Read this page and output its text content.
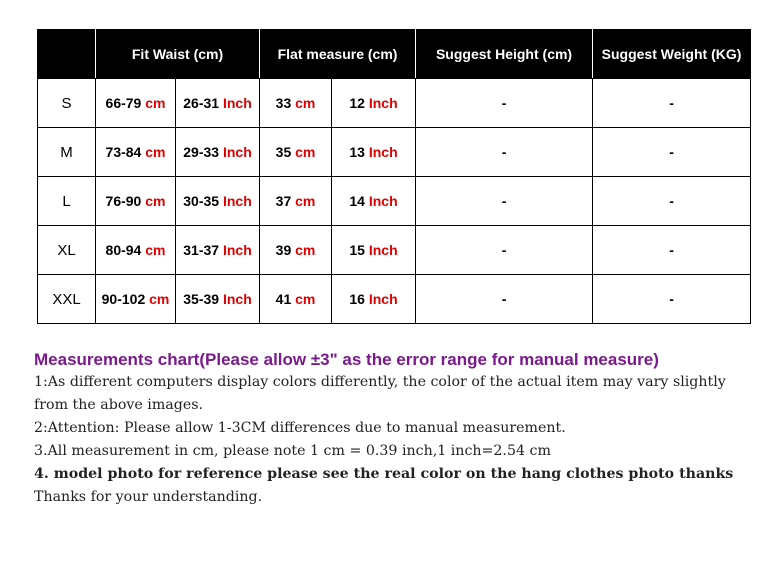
	Fit Waist (cm)		Flat measure (cm)		Suggest Height (cm)	Suggest Weight (KG)
S	66-79 cm	26-31 Inch	33 cm	12 Inch	-	-
M	73-84 cm	29-33 Inch	35 cm	13 Inch	-	-
L	76-90 cm	30-35 Inch	37 cm	14 Inch	-	-
XL	80-94 cm	31-37 Inch	39 cm	15 Inch	-	-
XXL	90-102 cm	35-39 Inch	41 cm	16 Inch	-	-

Measurements chart(Please allow ±3" as the error range for manual measure)

1:As different computers display colors differently, the color of the actual item may vary slightly from the above images.

2:Attention: Please allow 1-3CM differences due to manual measurement.

3.All measurement in cm, please note 1 cm = 0.39 inch,1 inch=2.54 cm

4. model photo for reference please see the real color on the hang clothes photo thanks

Thanks for your understanding.
